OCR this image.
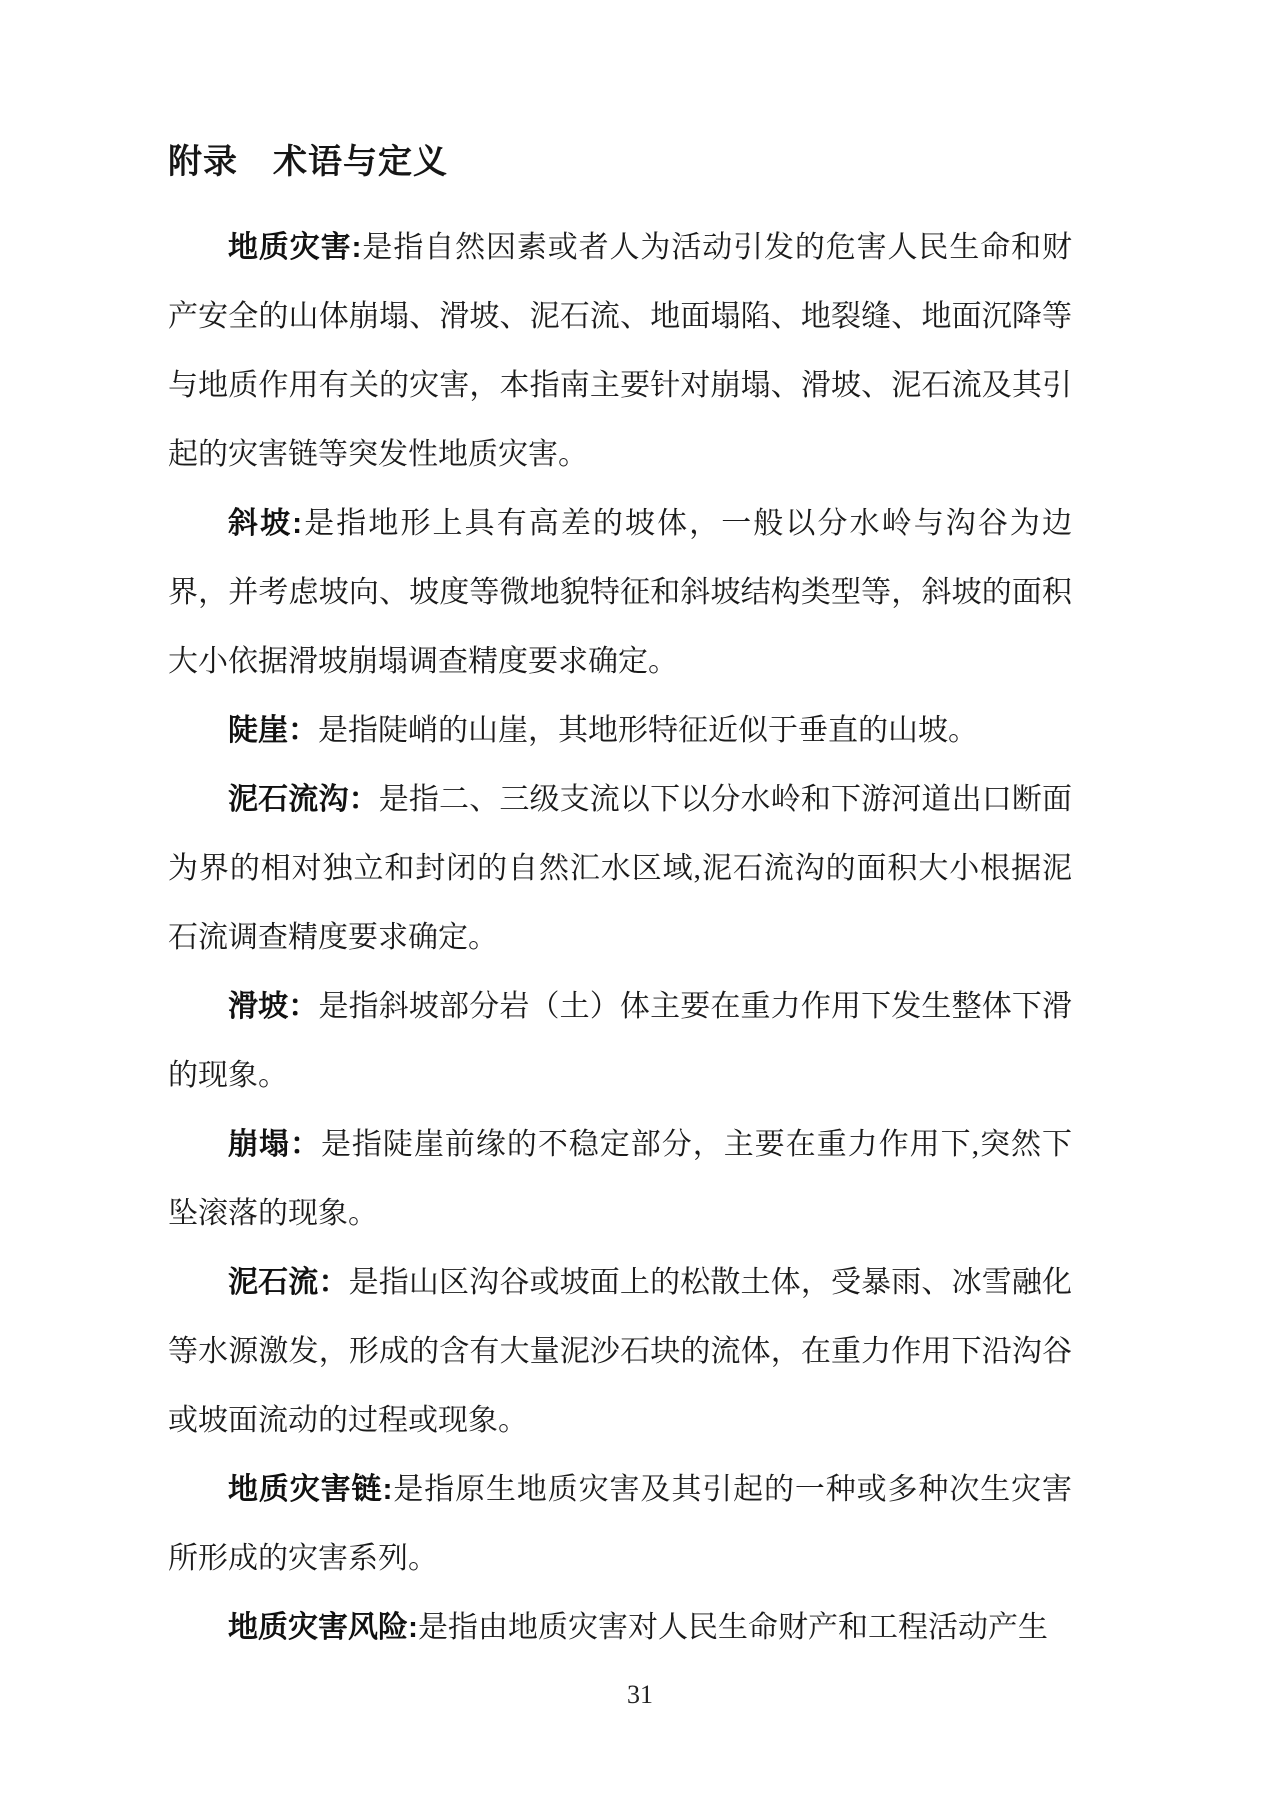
附录　术语与定义

地质灾害:是指自然因素或者人为活动引发的危害人民生命和财产安全的山体崩塌、滑坡、泥石流、地面塌陷、地裂缝、地面沉降等与地质作用有关的灾害，本指南主要针对崩塌、滑坡、泥石流及其引起的灾害链等突发性地质灾害。

斜坡:是指地形上具有高差的坡体，一般以分水岭与沟谷为边界，并考虑坡向、坡度等微地貌特征和斜坡结构类型等，斜坡的面积大小依据滑坡崩塌调查精度要求确定。

陡崖：是指陡峭的山崖，其地形特征近似于垂直的山坡。

泥石流沟：是指二、三级支流以下以分水岭和下游河道出口断面为界的相对独立和封闭的自然汇水区域,泥石流沟的面积大小根据泥石流调查精度要求确定。

滑坡：是指斜坡部分岩（土）体主要在重力作用下发生整体下滑的现象。

崩塌：是指陡崖前缘的不稳定部分，主要在重力作用下,突然下坠滚落的现象。

泥石流：是指山区沟谷或坡面上的松散土体，受暴雨、冰雪融化等水源激发，形成的含有大量泥沙石块的流体，在重力作用下沿沟谷或坡面流动的过程或现象。

地质灾害链:是指原生地质灾害及其引起的一种或多种次生灾害所形成的灾害系列。

地质灾害风险:是指由地质灾害对人民生命财产和工程活动产生

31
